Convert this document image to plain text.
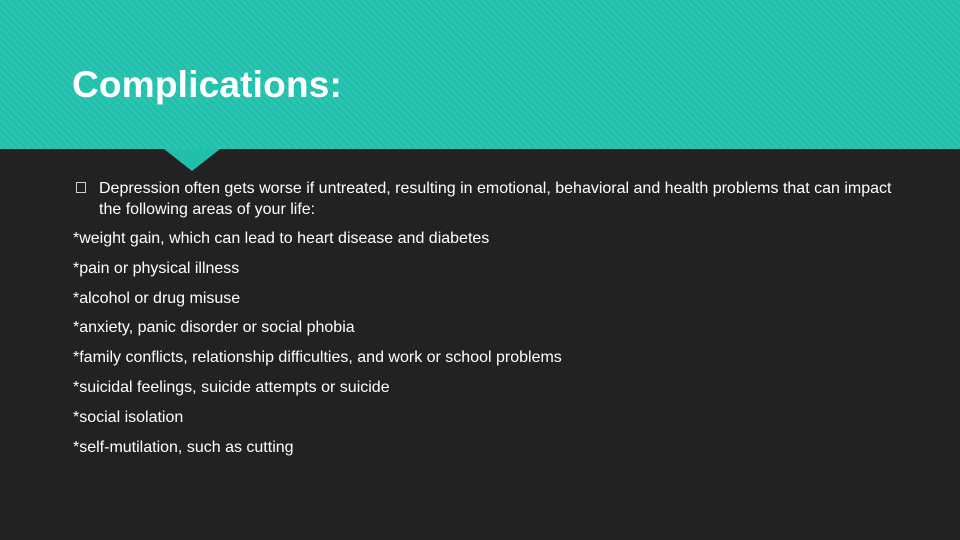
Complications:

Depression often gets worse if untreated, resulting in emotional, behavioral and health problems that can impact the following areas of your life:

*weight gain, which can lead to heart disease and diabetes

*pain or physical illness

*alcohol or drug misuse

*anxiety, panic disorder or social phobia

*family conflicts, relationship difficulties, and work or school problems

*suicidal feelings, suicide attempts or suicide

*social isolation

*self-mutilation, such as cutting
